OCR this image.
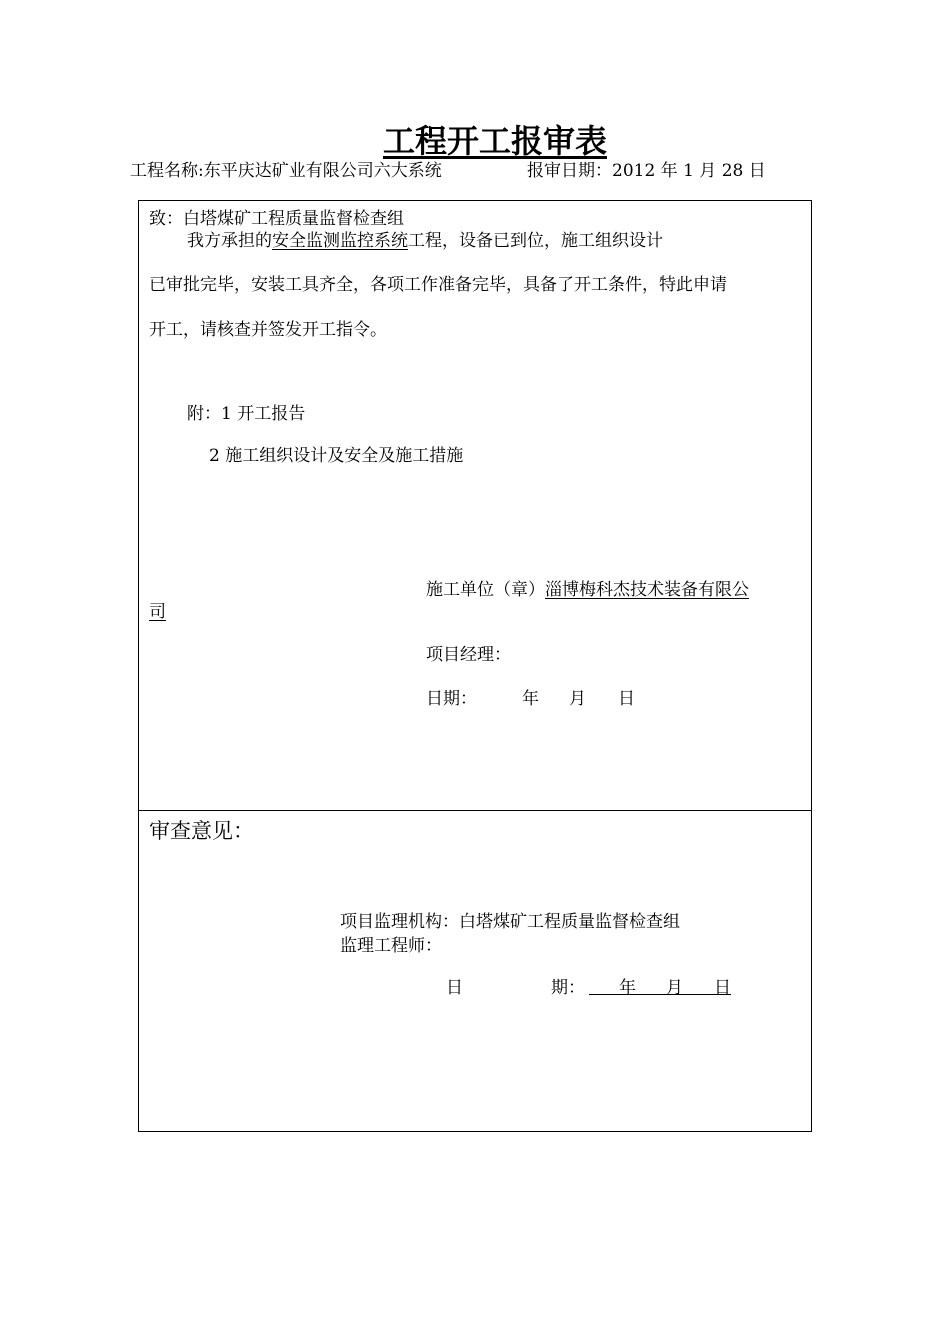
工程开工报审表
工程名称:东平庆达矿业有限公司六大系统	报审日期：2012 年 1 月 28 日
致：白塔煤矿工程质量监督检查组
我方承担的安全监测监控系统工程，设备已到位，施工组织设计
已审批完毕，安装工具齐全，各项工作准备完毕，具备了开工条件，特此申请
开工，请核查并签发开工指令。
附：1 开工报告
2 施工组织设计及安全及施工措施
施工单位（章）淄博梅科杰技术装备有限公
司
项目经理：
日期：	年 月 日
审查意见：
项目监理机构：白塔煤矿工程质量监督检查组
监理工程师：
日	期： 年 月 日
